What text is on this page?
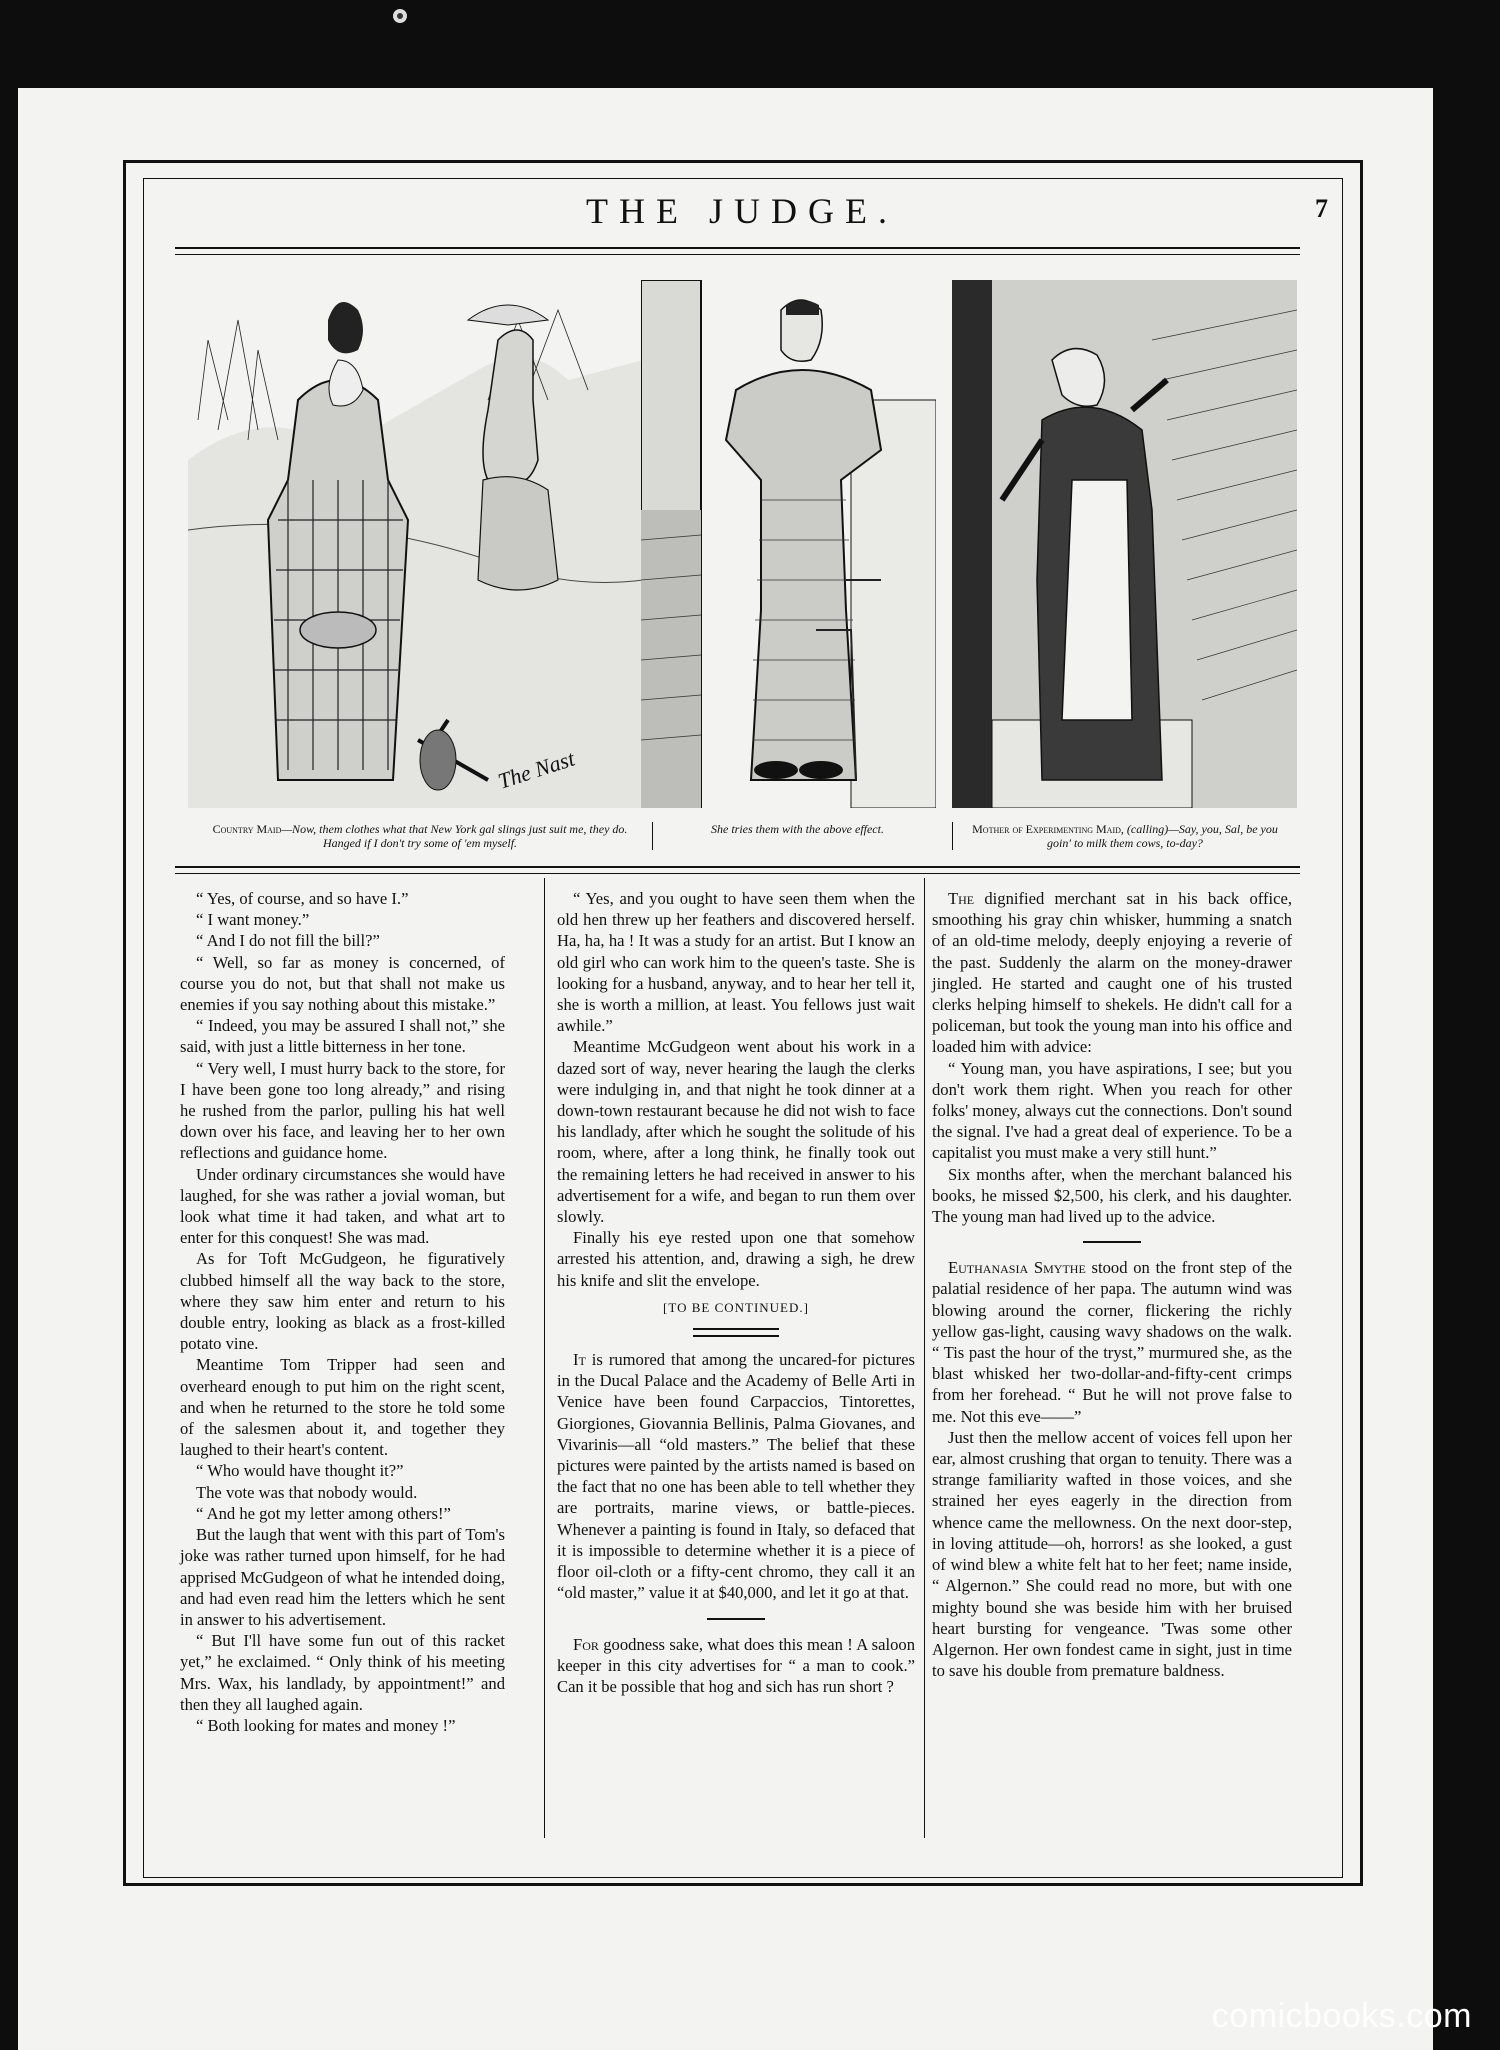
THE JUDGE.	7
The Nast
Country Maid—Now, them clothes what that New York gal slings just suit me, they do. Hanged if I don't try some of 'em myself.
She tries them with the above effect.	Mother of Experimenting Maid, (calling)—Say, you, Sal, be you goin' to milk them cows, to-day?

“ Yes, of course, and so have I.”

“ I want money.”

“ And I do not fill the bill?”

“ Well, so far as money is concerned, of course you do not, but that shall not make us enemies if you say nothing about this mistake.”

“ Indeed, you may be assured I shall not,” she said, with just a little bitterness in her tone.

“ Very well, I must hurry back to the store, for I have been gone too long already,” and rising he rushed from the parlor, pulling his hat well down over his face, and leaving her to her own reflections and guidance home.

Under ordinary circumstances she would have laughed, for she was rather a jovial woman, but look what time it had taken, and what art to enter for this conquest! She was mad.

As for Toft McGudgeon, he figuratively clubbed himself all the way back to the store, where they saw him enter and return to his double entry, looking as black as a frost-killed potato vine.

Meantime Tom Tripper had seen and overheard enough to put him on the right scent, and when he returned to the store he told some of the salesmen about it, and together they laughed to their heart's content.

“ Who would have thought it?”

The vote was that nobody would.

“ And he got my letter among others!”

But the laugh that went with this part of Tom's joke was rather turned upon himself, for he had apprised McGudgeon of what he intended doing, and had even read him the letters which he sent in answer to his advertisement.

“ But I'll have some fun out of this racket yet,” he exclaimed. “ Only think of his meeting Mrs. Wax, his landlady, by appointment!” and then they all laughed again.

“ Both looking for mates and money !”

“ Yes, and you ought to have seen them when the old hen threw up her feathers and discovered herself. Ha, ha, ha ! It was a study for an artist. But I know an old girl who can work him to the queen's taste. She is looking for a husband, anyway, and to hear her tell it, she is worth a million, at least. You fellows just wait awhile.”

Meantime McGudgeon went about his work in a dazed sort of way, never hearing the laugh the clerks were indulging in, and that night he took dinner at a down-town restaurant because he did not wish to face his landlady, after which he sought the solitude of his room, where, after a long think, he finally took out the remaining letters he had received in answer to his advertisement for a wife, and began to run them over slowly.

Finally his eye rested upon one that somehow arrested his attention, and, drawing a sigh, he drew his knife and slit the envelope.

[TO BE CONTINUED.]

It is rumored that among the uncared-for pictures in the Ducal Palace and the Academy of Belle Arti in Venice have been found Carpaccios, Tintorettes, Giorgiones, Giovannia Bellinis, Palma Giovanes, and Vivarinis—all “old masters.” The belief that these pictures were painted by the artists named is based on the fact that no one has been able to tell whether they are portraits, marine views, or battle-pieces. Whenever a painting is found in Italy, so defaced that it is impossible to determine whether it is a piece of floor oil-cloth or a fifty-cent chromo, they call it an “old master,” value it at $40,000, and let it go at that.

For goodness sake, what does this mean ! A saloon keeper in this city advertises for “ a man to cook.” Can it be possible that hog and sich has run short ?

The dignified merchant sat in his back office, smoothing his gray chin whisker, humming a snatch of an old-time melody, deeply enjoying a reverie of the past. Suddenly the alarm on the money-drawer jingled. He started and caught one of his trusted clerks helping himself to shekels. He didn't call for a policeman, but took the young man into his office and loaded him with advice:

“ Young man, you have aspirations, I see; but you don't work them right. When you reach for other folks' money, always cut the connections. Don't sound the signal. I've had a great deal of experience. To be a capitalist you must make a very still hunt.”

Six months after, when the merchant balanced his books, he missed $2,500, his clerk, and his daughter. The young man had lived up to the advice.

Euthanasia Smythe stood on the front step of the palatial residence of her papa. The autumn wind was blowing around the corner, flickering the richly yellow gas-light, causing wavy shadows on the walk. “ Tis past the hour of the tryst,” murmured she, as the blast whisked her two-dollar-and-fifty-cent crimps from her forehead. “ But he will not prove false to me. Not this eve——”

Just then the mellow accent of voices fell upon her ear, almost crushing that organ to tenuity. There was a strange familiarity wafted in those voices, and she strained her eyes eagerly in the direction from whence came the mellowness. On the next door-step, in loving attitude—oh, horrors! as she looked, a gust of wind blew a white felt hat to her feet; name inside, “ Algernon.” She could read no more, but with one mighty bound she was beside him with her bruised heart bursting for vengeance. 'Twas some other Algernon. Her own fondest came in sight, just in time to save his double from premature baldness.

comicbooks.com
